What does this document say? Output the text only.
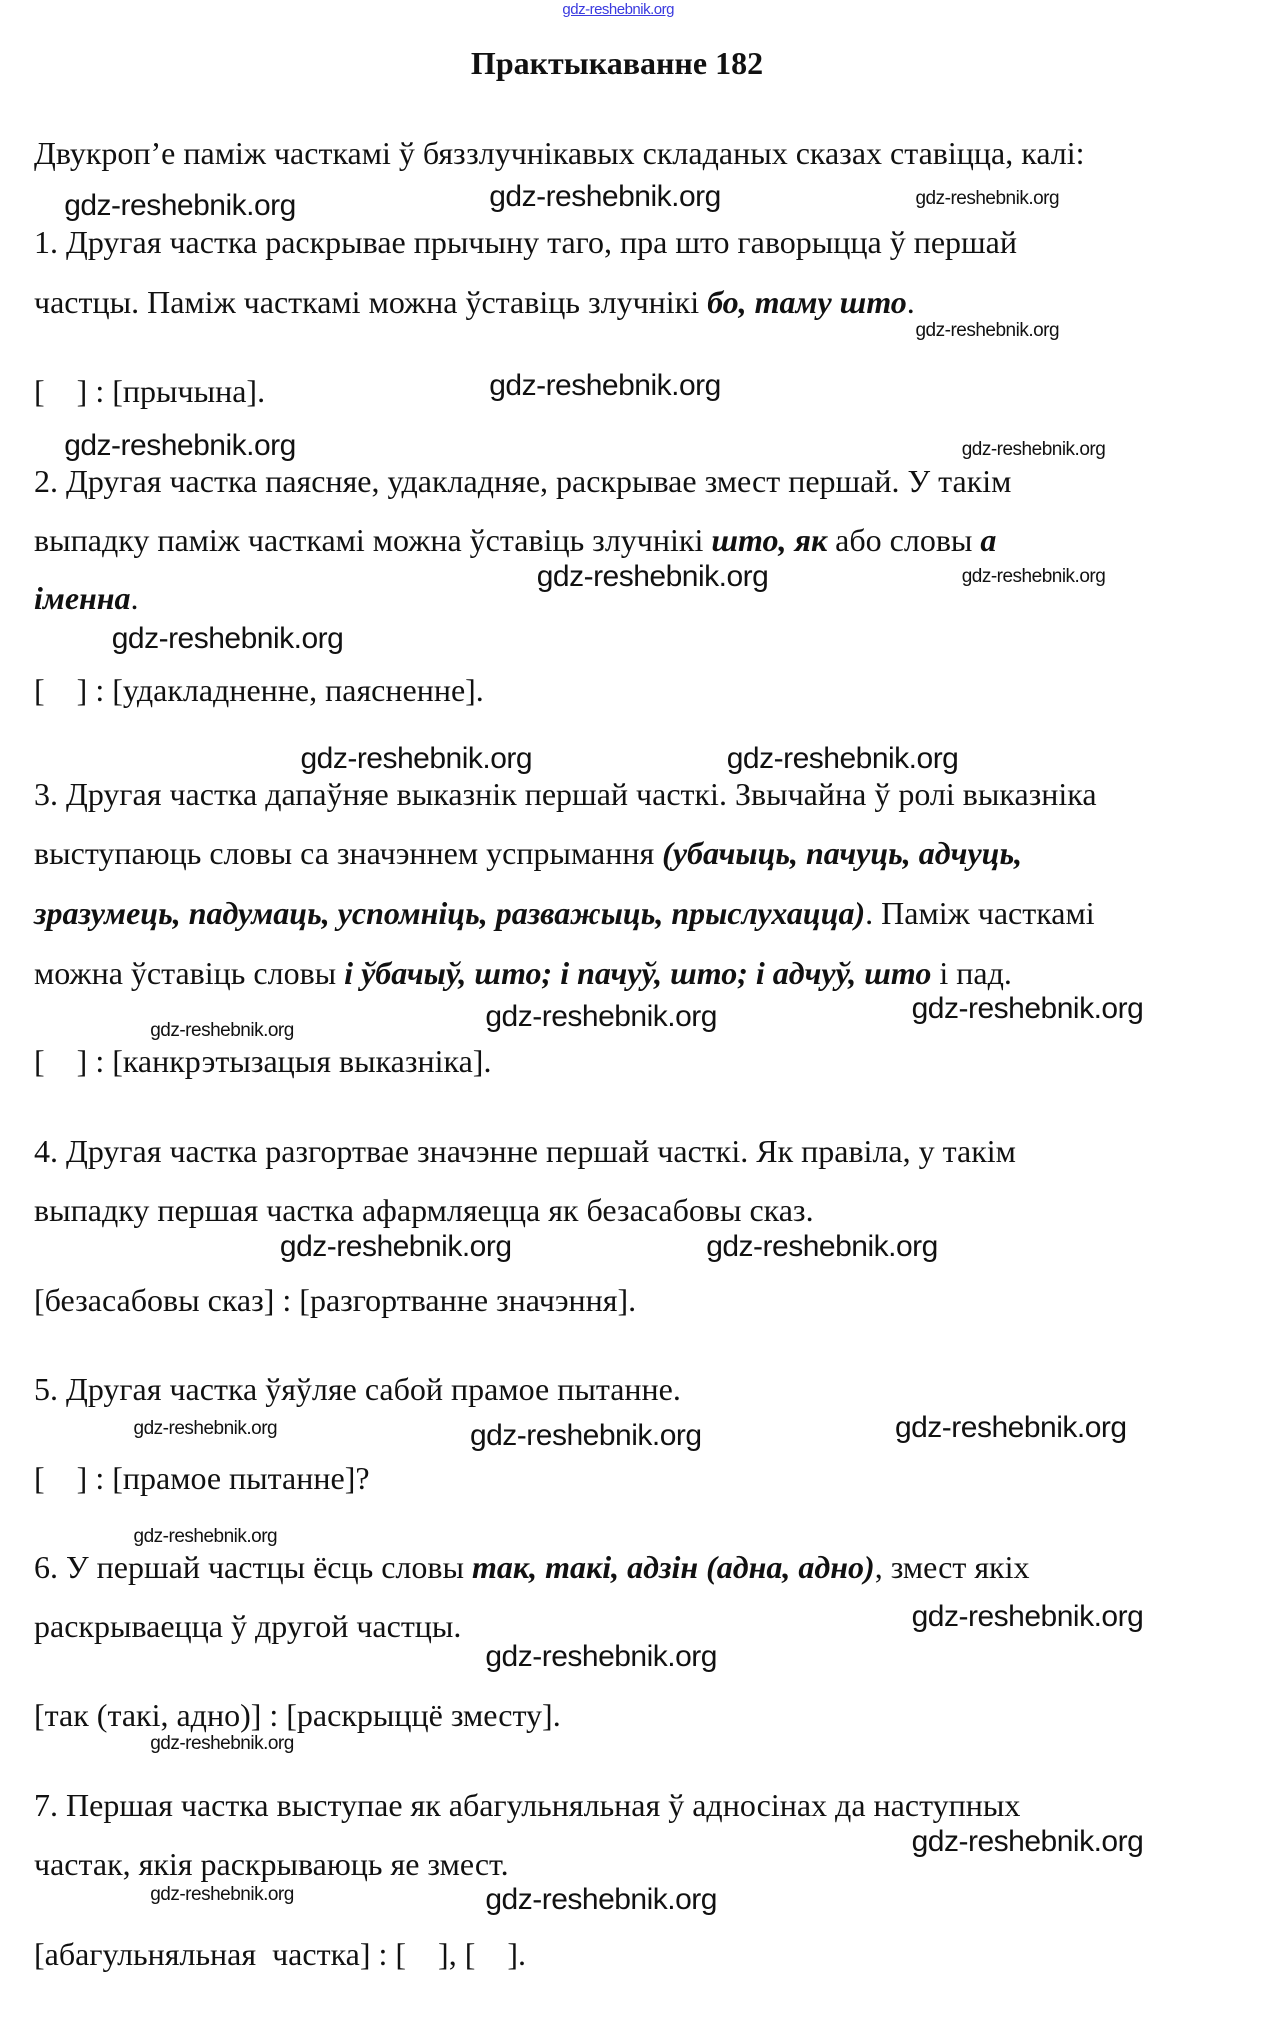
Практыкаванне 182
Двукроп’е паміж часткамі ў бяззлучнікавых складаных сказах ставіцца, калі:
1. Другая частка раскрывае прычыну таго, пра што гаворыцца ў першай
частцы. Паміж часткамі можна ўставіць злучнікі бо, таму што.
[    ] : [прычына].
2. Другая частка паясняе, удакладняе, раскрывае змест першай. У такім
выпадку паміж часткамі можна ўставіць злучнікі што, як або словы а
іменна.
[    ] : [удакладненне, паясненне].
3. Другая частка дапаўняе выказнік першай часткі. Звычайна ў ролі выказніка
выступаюць словы са значэннем успрымання (убачыць, пачуць, адчуць,
зразумець, падумаць, успомніць, разважыць, прыслухацца). Паміж часткамі
можна ўставіць словы і ўбачыў, што; і пачуў, што; і адчуў, што і пад.
[    ] : [канкрэтызацыя выказніка].
4. Другая частка разгортвае значэнне першай часткі. Як правіла, у такім
выпадку першая частка афармляецца як безасабовы сказ.
[безасабовы сказ] : [разгортванне значэння].
5. Другая частка ўяўляе сабой прамое пытанне.
[    ] : [прамое пытанне]?
6. У першай частцы ёсць словы так, такі, адзін (адна, адно), змест якіх
раскрываецца ў другой частцы.
[так (такі, адно)] : [раскрыццё зместу].
7. Першая частка выступае як абагульняльная ў адносінах да наступных
частак, якія раскрываюць яе змест.
[абагульняльная  частка] : [    ], [    ].
gdz-reshebnik.org
gdz-reshebnik.org	gdz-reshebnik.org
gdz-reshebnik.org
gdz-reshebnik.org
gdz-reshebnik.org
gdz-reshebnik.org
gdz-reshebnik.org
gdz-reshebnik.org
gdz-reshebnik.org	gdz-reshebnik.org
gdz-reshebnik.org	gdz-reshebnik.org
gdz-reshebnik.org	gdz-reshebnik.org
gdz-reshebnik.org
gdz-reshebnik.org
gdz-reshebnik.org
gdz-reshebnik.org
gdz-reshebnik.org
gdz-reshebnik.org
gdz-reshebnik.org
gdz-reshebnik.org
gdz-reshebnik.org
gdz-reshebnik.org
gdz-reshebnik.org
gdz-reshebnik.org
gdz-reshebnik.org
